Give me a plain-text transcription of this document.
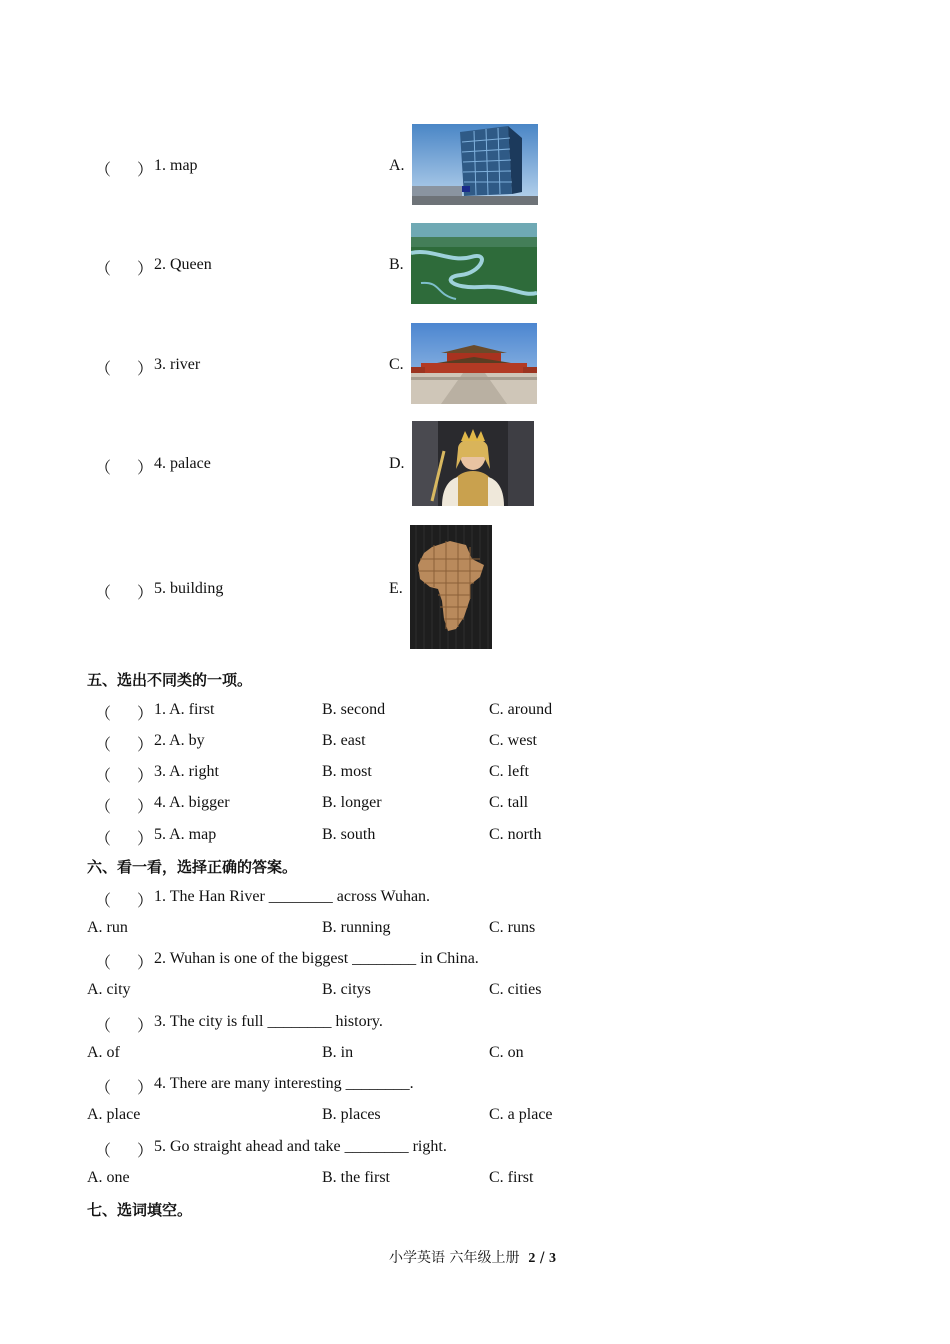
（ ） 1. map	A.
（ ） 2. Queen	B.
（ ） 3. river	C.
（ ） 4. palace	D.
（ ） 5. building	E.
五、选出不同类的一项。
（ ） 1. A. first	B. second	C. around
（ ） 2. A. by	B. east	C. west
（ ） 3. A. right	B. most	C. left
（ ） 4. A. bigger	B. longer	C. tall
（ ） 5. A. map	B. south	C. north
六、看一看，选择正确的答案。
（ ） 1. The Han River ________ across Wuhan.
A. run	B. running	C. runs
（ ） 2. Wuhan is one of the biggest ________ in China.
A. city	B. citys	C. cities
（ ） 3. The city is full ________ history.
A. of	B. in	C. on
（ ） 4. There are many interesting ________.
A. place	B. places	C. a place
（ ） 5. Go straight ahead and take ________ right.
A. one	B. the first	C. first
七、选词填空。
小学英语 六年级上册 2 / 3
